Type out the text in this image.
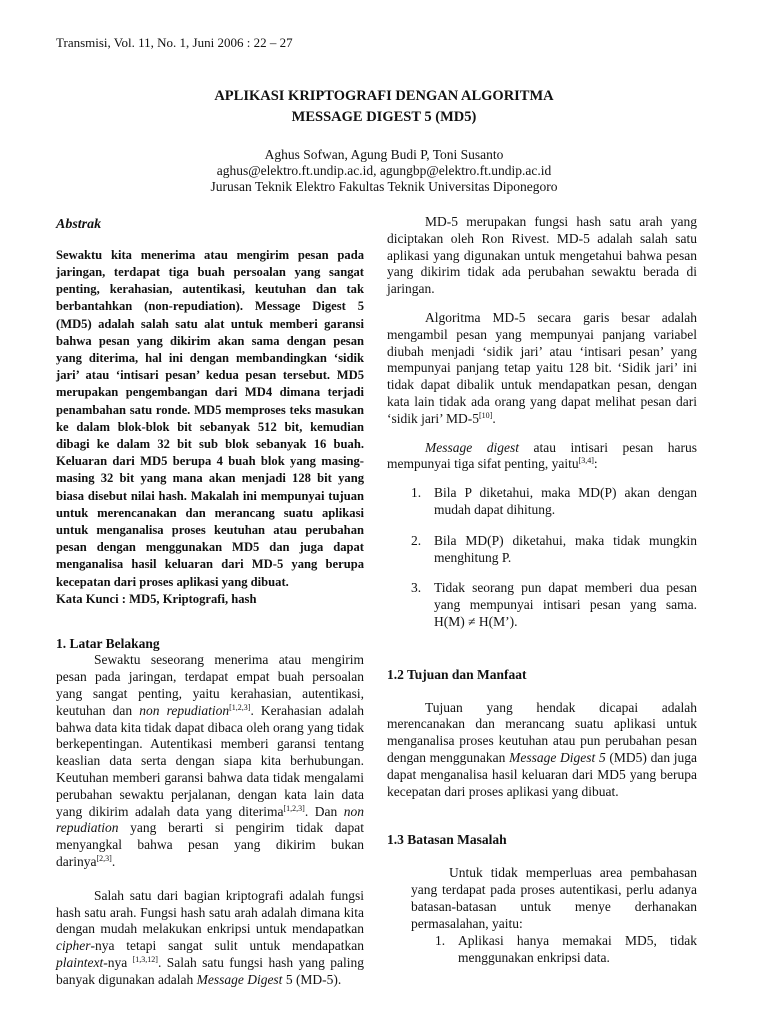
Transmisi, Vol. 11, No. 1, Juni 2006 : 22 – 27
APLIKASI KRIPTOGRAFI DENGAN ALGORITMA
MESSAGE DIGEST 5 (MD5)
Aghus Sofwan, Agung Budi P, Toni Susanto
aghus@elektro.ft.undip.ac.id, agungbp@elektro.ft.undip.ac.id
Jurusan Teknik Elektro Fakultas Teknik Universitas Diponegoro
Abstrak

Sewaktu kita menerima atau mengirim pesan pada jaringan, terdapat tiga buah persoalan yang sangat penting, kerahasian, autentikasi, keutuhan dan tak berbantahkan (non-repudiation). Message Digest 5 (MD5) adalah salah satu alat untuk memberi garansi bahwa pesan yang dikirim akan sama dengan pesan yang diterima, hal ini dengan membandingkan ‘sidik jari’ atau ‘intisari pesan’ kedua pesan tersebut. MD5 merupakan pengembangan dari MD4 dimana terjadi penambahan satu ronde. MD5 memproses teks masukan ke dalam blok-blok bit sebanyak 512 bit, kemudian dibagi ke dalam 32 bit sub blok sebanyak 16 buah. Keluaran dari MD5 berupa 4 buah blok yang masing-masing 32 bit yang mana akan menjadi 128 bit yang biasa disebut nilai hash. Makalah ini mempunyai tujuan untuk merencanakan dan merancang suatu aplikasi untuk menganalisa proses keutuhan atau perubahan pesan dengan menggunakan MD5 dan juga dapat menganalisa hasil keluaran dari MD-5 yang berupa kecepatan dari proses aplikasi yang dibuat.

Kata Kunci : MD5, Kriptografi, hash

1. Latar Belakang

Sewaktu seseorang menerima atau mengirim pesan pada jaringan, terdapat empat buah persoalan yang sangat penting, yaitu kerahasian, autentikasi, keutuhan dan non repudiation[1,2,3]. Kerahasian adalah bahwa data kita tidak dapat dibaca oleh orang yang tidak berkepentingan. Autentikasi memberi garansi tentang keaslian data serta dengan siapa kita berhubungan. Keutuhan memberi garansi bahwa data tidak mengalami perubahan sewaktu perjalanan, dengan kata lain data yang dikirim adalah data yang diterima[1,2,3]. Dan non repudiation yang berarti si pengirim tidak dapat menyangkal bahwa pesan yang dikirim bukan darinya[2,3].

Salah satu dari bagian kriptografi adalah fungsi hash satu arah. Fungsi hash satu arah adalah dimana kita dengan mudah melakukan enkripsi untuk mendapatkan cipher-nya tetapi sangat sulit untuk mendapatkan plaintext-nya [1,3,12]. Salah satu fungsi hash yang paling banyak digunakan adalah Message Digest 5 (MD-5).

MD-5 merupakan fungsi hash satu arah yang diciptakan oleh Ron Rivest. MD-5 adalah salah satu aplikasi yang digunakan untuk mengetahui bahwa pesan yang dikirim tidak ada perubahan sewaktu berada di jaringan.

Algoritma MD-5 secara garis besar adalah mengambil pesan yang mempunyai panjang variabel diubah menjadi ‘sidik jari’ atau ‘intisari pesan’ yang mempunyai panjang tetap yaitu 128 bit. ‘Sidik jari’ ini tidak dapat dibalik untuk mendapatkan pesan, dengan kata lain tidak ada orang yang dapat melihat pesan dari ‘sidik jari’ MD-5[10].

Message digest atau intisari pesan harus mempunyai tiga sifat penting, yaitu[3,4]:

1. Bila P diketahui, maka MD(P) akan dengan mudah dapat dihitung.
2. Bila MD(P) diketahui, maka tidak mungkin menghitung P.
3. Tidak seorang pun dapat memberi dua pesan yang mempunyai intisari pesan yang sama. H(M) ≠ H(M’).
1.2 Tujuan dan Manfaat

Tujuan yang hendak dicapai adalah merencanakan dan merancang suatu aplikasi untuk menganalisa proses keutuhan atau pun perubahan pesan dengan menggunakan Message Digest 5 (MD5) dan juga dapat menganalisa hasil keluaran dari MD5 yang berupa kecepatan dari proses aplikasi yang dibuat.

1.3 Batasan Masalah

Untuk tidak memperluas area pembahasan yang terdapat pada proses autentikasi, perlu adanya batasan-batasan untuk menye derhanakan permasalahan, yaitu:

1. Aplikasi hanya memakai MD5, tidak menggunakan enkripsi data.
